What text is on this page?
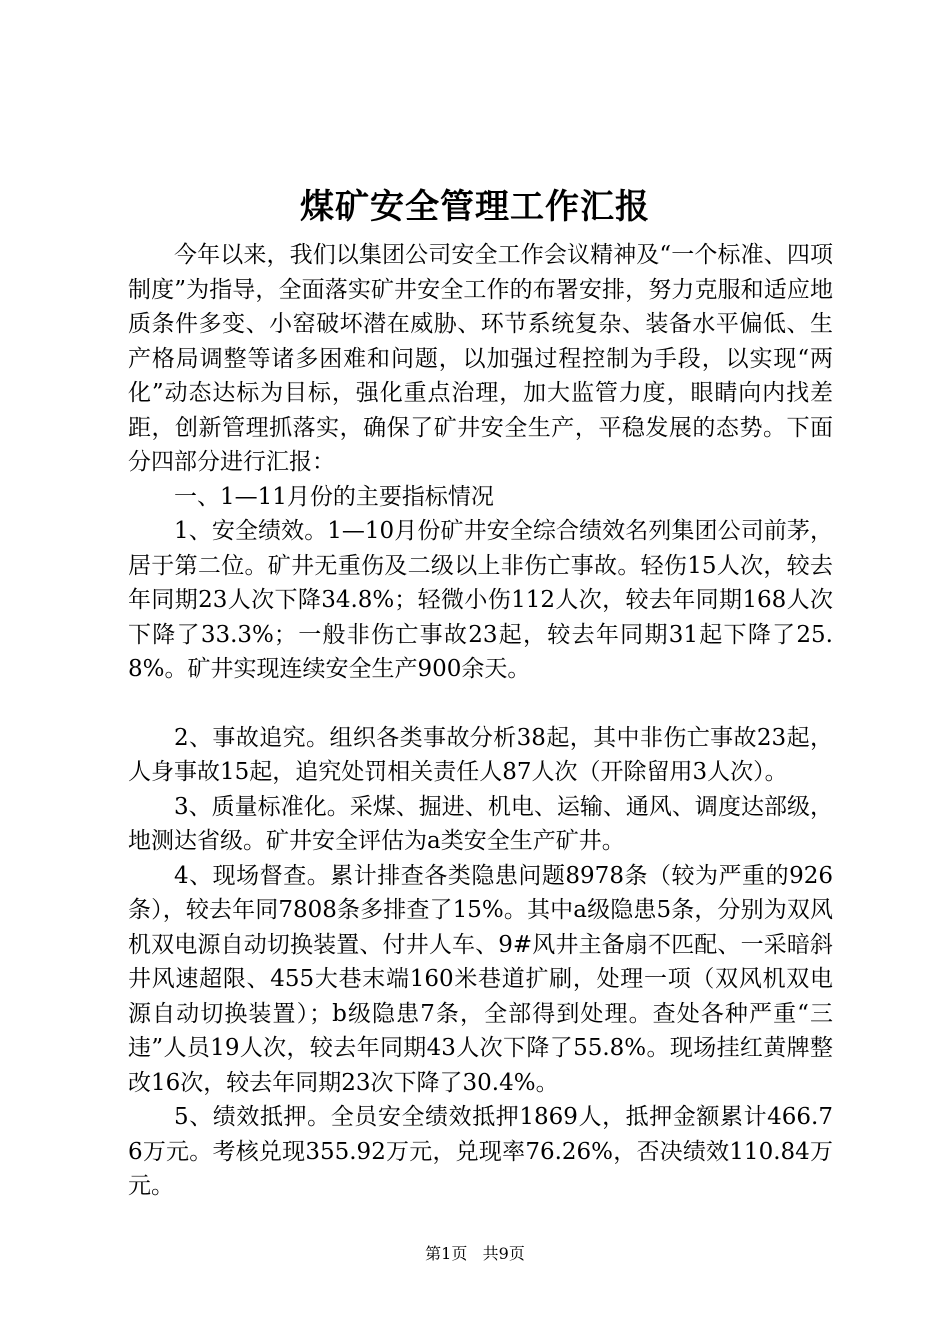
煤矿安全管理工作汇报

今年以来，我们以集团公司安全工作会议精神及“一个标准、四项制度”为指导，全面落实矿井安全工作的布署安排，努力克服和适应地质条件多变、小窑破坏潜在威胁、环节系统复杂、装备水平偏低、生产格局调整等诸多困难和问题，以加强过程控制为手段，以实现“两化”动态达标为目标，强化重点治理，加大监管力度，眼睛向内找差距，创新管理抓落实，确保了矿井安全生产，平稳发展的态势。下面分四部分进行汇报：

一、1—11月份的主要指标情况

1、安全绩效。1—10月份矿井安全综合绩效名列集团公司前茅，居于第二位。矿井无重伤及二级以上非伤亡事故。轻伤15人次，较去年同期23人次下降34.8%；轻微小伤112人次，较去年同期168人次下降了33.3%；一般非伤亡事故23起，较去年同期31起下降了25.8%。矿井实现连续安全生产900余天。

2、事故追究。组织各类事故分析38起，其中非伤亡事故23起，人身事故15起，追究处罚相关责任人87人次（开除留用3人次）。

3、质量标准化。采煤、掘进、机电、运输、通风、调度达部级，地测达省级。矿井安全评估为a类安全生产矿井。

4、现场督查。累计排查各类隐患问题8978条（较为严重的926条），较去年同7808条多排查了15%。其中a级隐患5条，分别为双风机双电源自动切换装置、付井人车、9#风井主备扇不匹配、一采暗斜井风速超限、455大巷末端160米巷道扩刷，处理一项（双风机双电源自动切换装置）；b级隐患7条，全部得到处理。查处各种严重“三违”人员19人次，较去年同期43人次下降了55.8%。现场挂红黄牌整改16次，较去年同期23次下降了30.4%。

5、绩效抵押。全员安全绩效抵押1869人，抵押金额累计466.76万元。考核兑现355.92万元，兑现率76.26%，否决绩效110.84万元。

第1页 共9页
